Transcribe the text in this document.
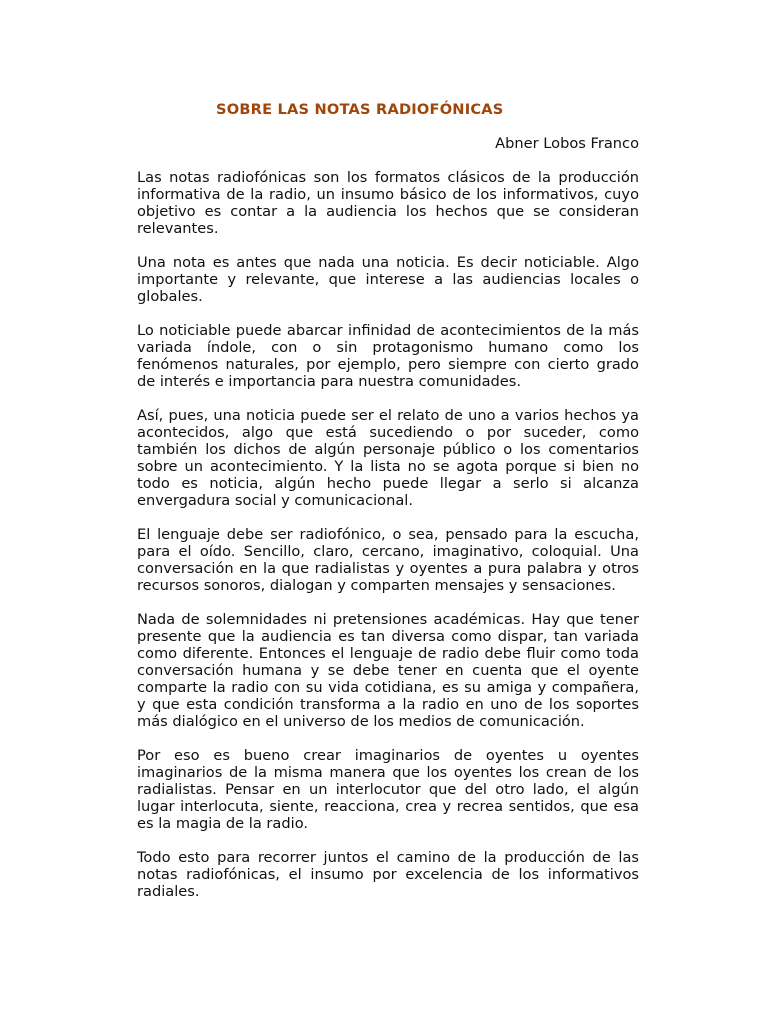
SOBRE LAS NOTAS RADIOFÓNICAS
Abner Lobos Franco

Las notas radiofónicas son los formatos clásicos de la producción informativa de la radio, un insumo básico de los informativos, cuyo objetivo es contar a la audiencia los hechos que se consideran relevantes.

Una nota es antes que nada una noticia. Es decir noticiable. Algo importante y relevante, que interese a las audiencias locales o globales.

Lo noticiable puede abarcar infinidad de acontecimientos de la más variada índole, con o sin protagonismo humano como los fenómenos naturales, por ejemplo, pero siempre con cierto grado de interés e importancia para nuestra comunidades.

Así, pues, una noticia puede ser el relato de uno a varios hechos ya acontecidos, algo que está sucediendo o por suceder, como también los dichos de algún personaje público o los comentarios sobre un acontecimiento. Y la lista no se agota porque si bien no todo es noticia, algún hecho puede llegar a serlo si alcanza envergadura social y comunicacional.

El lenguaje debe ser radiofónico, o sea, pensado para la escucha, para el oído. Sencillo, claro, cercano, imaginativo, coloquial. Una conversación en la que radialistas y oyentes a pura palabra y otros recursos sonoros, dialogan y comparten mensajes y sensaciones.

Nada de solemnidades ni pretensiones académicas. Hay que tener presente que la audiencia es tan diversa como dispar, tan variada como diferente. Entonces el lenguaje de radio debe fluir como toda conversación humana y se debe tener en cuenta que el oyente comparte la radio con su vida cotidiana, es su amiga y compañera, y que esta condición transforma a la radio en uno de los soportes más dialógico en el universo de los medios de comunicación.

Por eso es bueno crear imaginarios de oyentes u oyentes imaginarios de la misma manera que los oyentes los crean de los radialistas. Pensar en un interlocutor que del otro lado, el algún lugar interlocuta, siente, reacciona, crea y recrea sentidos, que esa es la magia de la radio.

Todo esto para recorrer juntos el camino de la producción de las notas radiofónicas, el insumo por excelencia de los informativos radiales.
